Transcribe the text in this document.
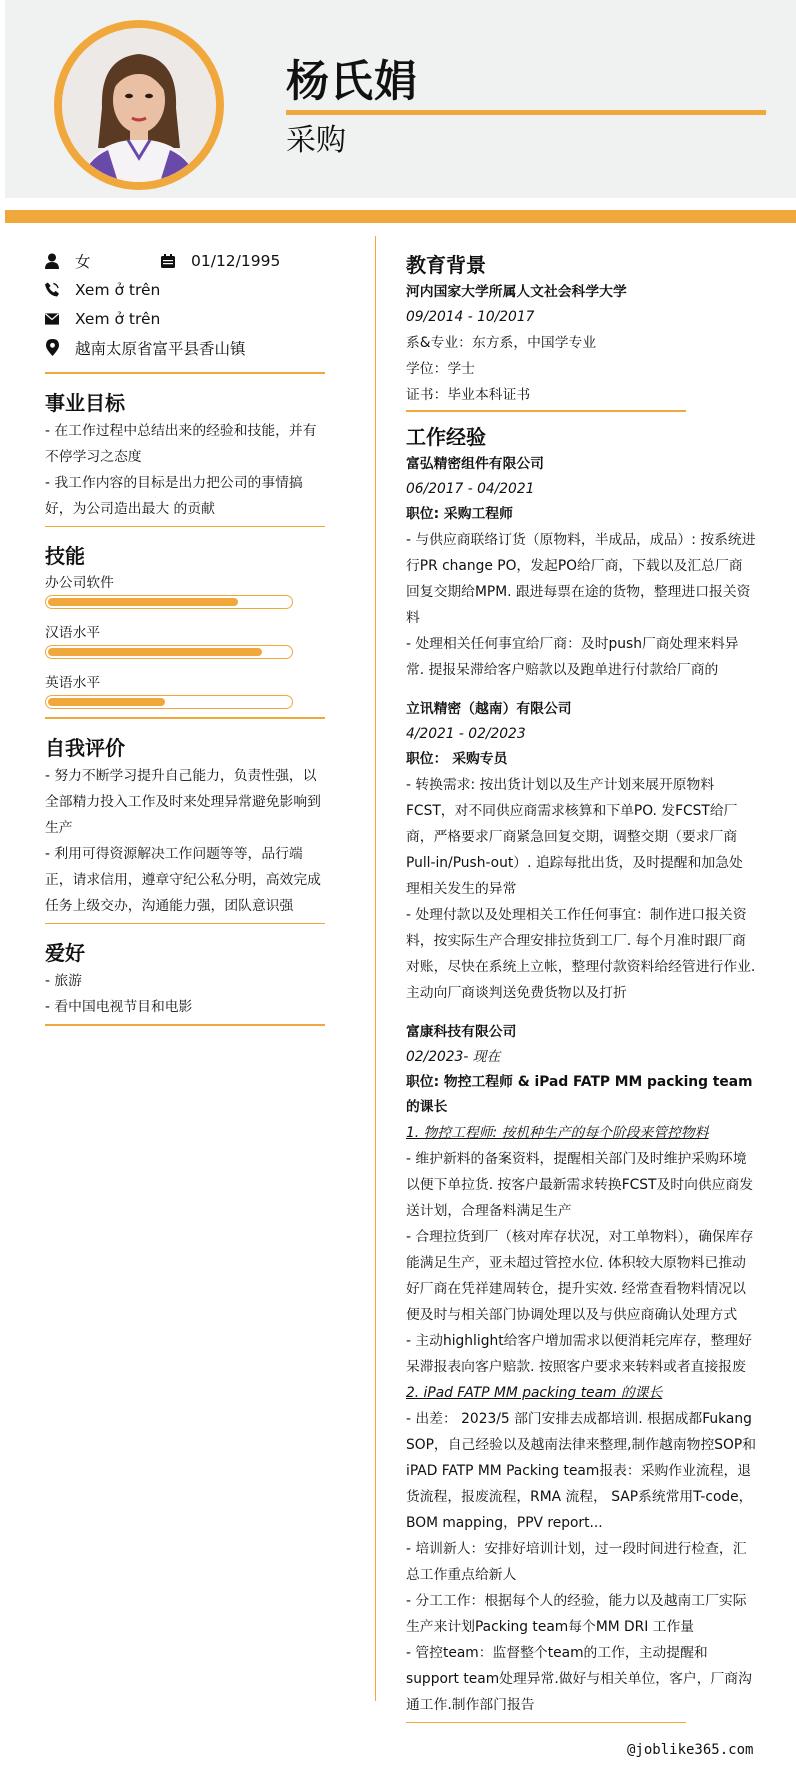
杨氏娟
采购
女	01/12/1995
Xem ở trên
Xem ở trên
越南太原省富平县香山镇
事业目标

- 在工作过程中总结出来的经验和技能，并有不停学习之态度

- 我工作内容的目标是出力把公司的事情搞好，为公司造出最大 的贡献

技能
办公司软件
汉语水平
英语水平
自我评价

- 努力不断学习提升自己能力，负责性强，以全部精力投入工作及时来处理异常避免影响到生产

- 利用可得资源解决工作问题等等，品行端正，请求信用，遵章守纪公私分明，高效完成任务上级交办，沟通能力强，团队意识强

爱好

- 旅游

- 看中国电视节目和电影

教育背景
河内国家大学所属人文社会科学大学
09/2014 - 10/2017

系&专业：东方系，中国学专业

学位：学士

证书：毕业本科证书

工作经验
富弘精密组件有限公司
06/2017 - 04/2021
职位: 采购工程师

- 与供应商联络订货（原物料，半成品，成品）: 按系统进行PR change PO，发起PO给厂商，下载以及汇总厂商回复交期给MPM. 跟进每票在途的货物，整理进口报关资料

- 处理相关任何事宜给厂商：及时push厂商处理来料异常. 提报呆滞给客户赔款以及跑单进行付款给厂商的

立讯精密（越南）有限公司
4/2021 - 02/2023
职位： 采购专员

- 转换需求: 按出货计划以及生产计划来展开原物料FCST，对不同供应商需求核算和下单PO. 发FCST给厂商，严格要求厂商紧急回复交期，调整交期（要求厂商Pull-in/Push-out）. 追踪每批出货，及时提醒和加急处理相关发生的异常

- 处理付款以及处理相关工作任何事宜：制作进口报关资料，按实际生产合理安排拉货到工厂. 每个月准时跟厂商对账，尽快在系统上立帐，整理付款资料给经管进行作业. 主动向厂商谈判送免费货物以及打折

富康科技有限公司
02/2023- 现在
职位: 物控工程师 & iPad FATP MM packing team 的课长
1. 物控工程师: 按机种生产的每个阶段来管控物料

- 维护新料的备案资料，提醒相关部门及时维护采购环境以便下单拉货. 按客户最新需求转换FCST及时向供应商发送计划，合理备料满足生产

- 合理拉货到厂（核对库存状况，对工单物料），确保库存能满足生产，亚未超过管控水位. 体积较大原物料已推动好厂商在凭祥建周转仓，提升实效. 经常查看物料情况以便及时与相关部门协调处理以及与供应商确认处理方式

- 主动highlight给客户增加需求以便消耗完库存，整理好呆滞报表向客户赔款. 按照客户要求来转料或者直接报废

2. iPad FATP MM packing team 的课长

- 出差： 2023/5 部门安排去成都培训. 根据成都Fukang SOP，自己经验以及越南法律来整理,制作越南物控SOP和iPAD FATP MM Packing team报表：采购作业流程，退货流程，报废流程，RMA 流程， SAP系统常用T-code， BOM mapping，PPV report...

- 培训新人：安排好培训计划，过一段时间进行检查，汇总工作重点给新人

- 分工工作：根据每个人的经验，能力以及越南工厂实际生产来计划Packing team每个MM DRI 工作量

- 管控team：监督整个team的工作，主动提醒和support team处理异常.做好与相关单位，客户，厂商沟通工作.制作部门报告

@joblike365.com
